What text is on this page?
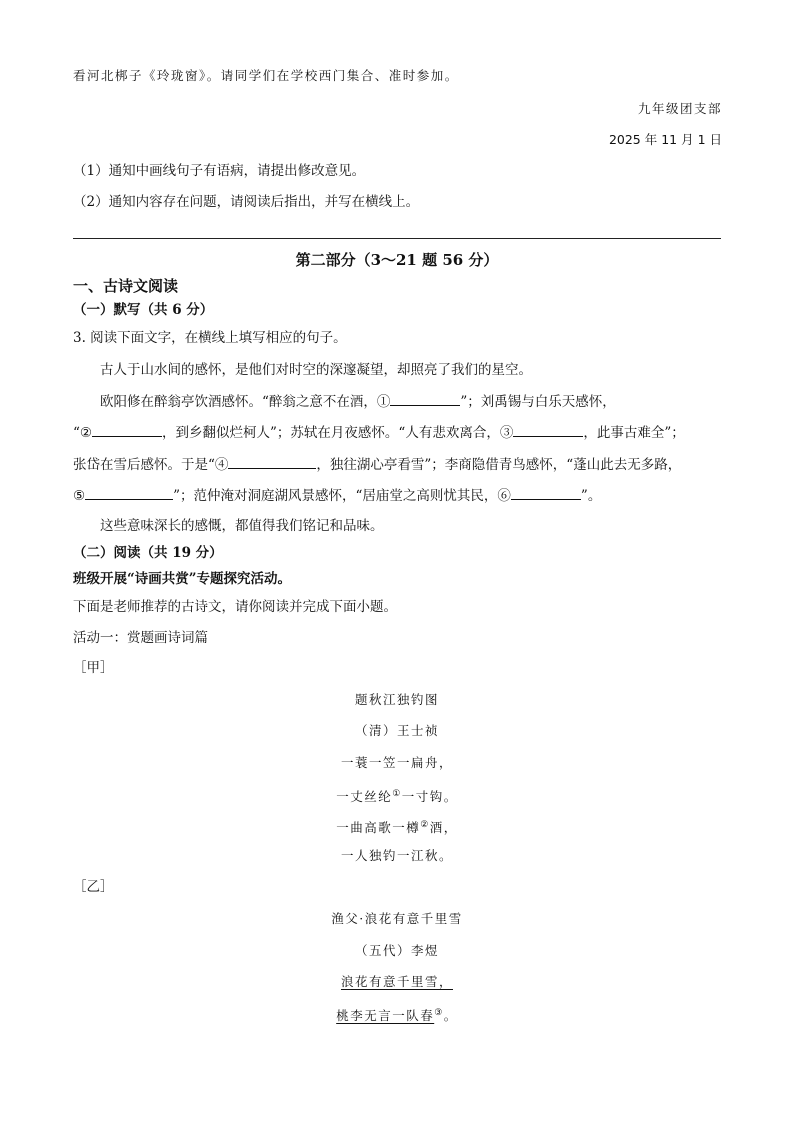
看河北梆子《玲珑窗》。请同学们在学校西门集合、准时参加。
九年级团支部
2025 年 11 月 1 日
（1）通知中画线句子有语病，请提出修改意见。
（2）通知内容存在问题，请阅读后指出，并写在横线上。
第二部分（3～21 题 56 分）
一、古诗文阅读
（一）默写（共 6 分）
3. 阅读下面文字，在横线上填写相应的句子。
古人于山水间的感怀，是他们对时空的深邃凝望，却照亮了我们的星空。
欧阳修在醉翁亭饮酒感怀。“醉翁之意不在酒，①	”；刘禹锡与白乐天感怀，
“②	，到乡翻似烂柯人”；苏轼在月夜感怀。“人有悲欢离合，③	，此事古难全”；
张岱在雪后感怀。于是“④	，独往湖心亭看雪”；李商隐借青鸟感怀，“蓬山此去无多路，
⑤	”；范仲淹对洞庭湖风景感怀，“居庙堂之高则忧其民，⑥	”。
这些意味深长的感慨，都值得我们铭记和品味。
（二）阅读（共 19 分）
班级开展“诗画共赏”专题探究活动。
下面是老师推荐的古诗文，请你阅读并完成下面小题。
活动一：赏题画诗词篇
［甲］
题秋江独钓图
（清）王士祯
一蓑一笠一扁舟，
一丈丝纶①一寸钩。
一曲高歌一樽②酒，
一人独钓一江秋。
［乙］
渔父·浪花有意千里雪
（五代）李煜
浪花有意千里雪，
桃李无言一队春③。
